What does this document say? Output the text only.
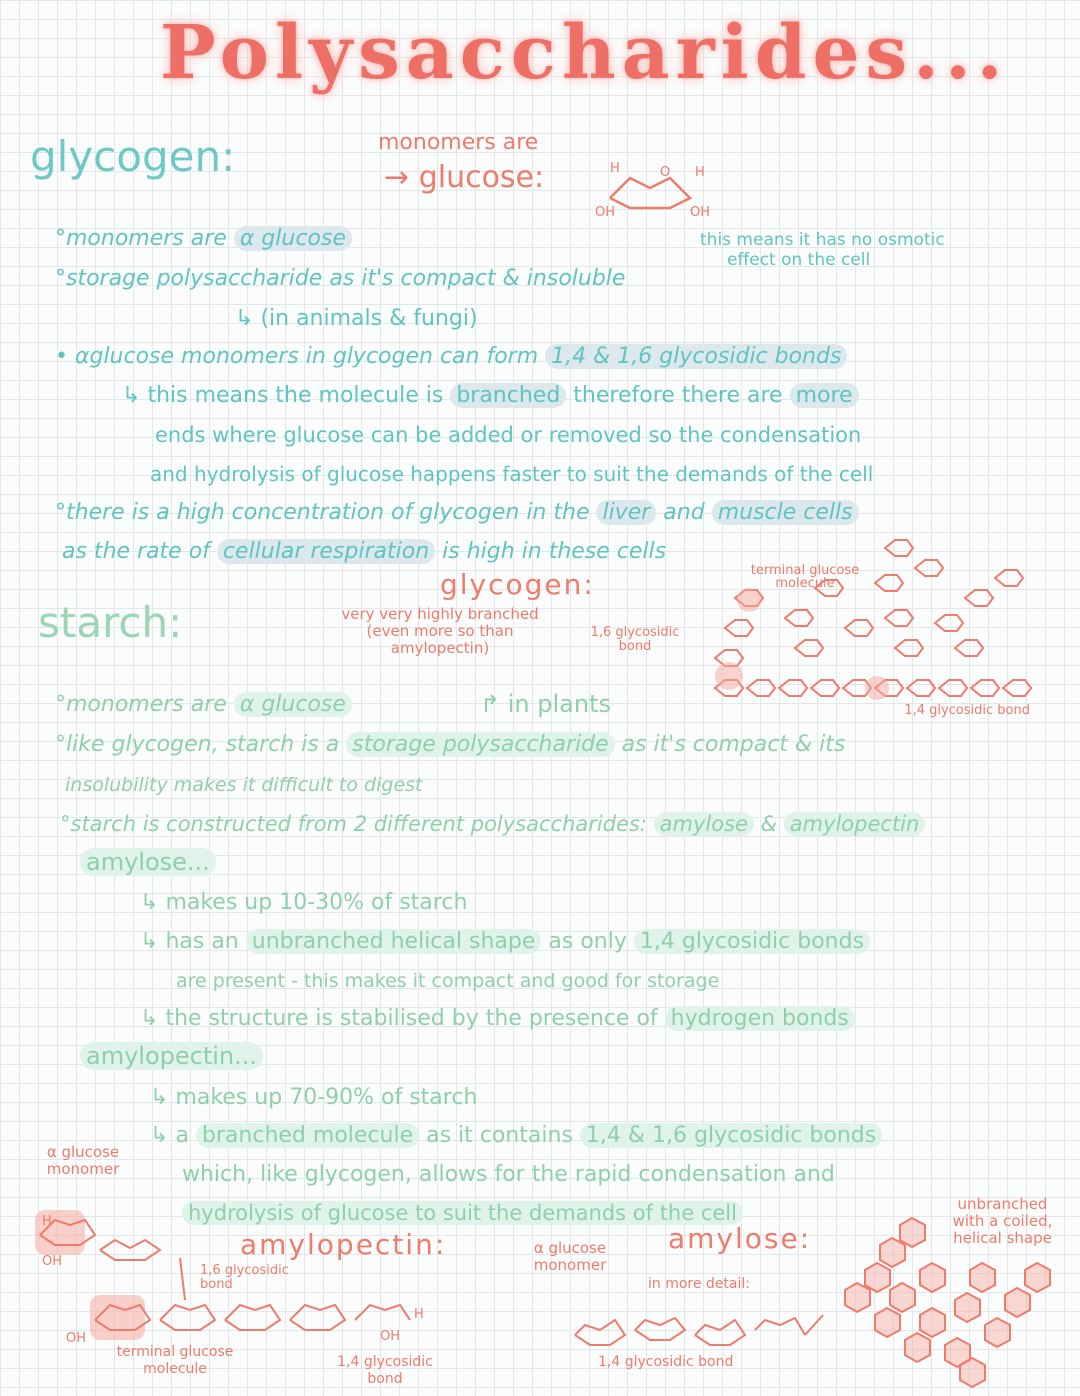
Polysaccharides...
glycogen:	monomers are
→ glucose:
OH	OH
H	H
O
°monomers are α glucose	this means it has no osmotic
effect on the cell
°storage polysaccharide as it's compact & insoluble
↳ (in animals & fungi)
• αglucose monomers in glycogen can form 1,4 & 1,6 glycosidic bonds
↳ this means the molecule is branched therefore there are more
ends where glucose can be added or removed so the condensation
and hydrolysis of glucose happens faster to suit the demands of the cell
°there is a high concentration of glycogen in the liver and muscle cells
as the rate of cellular respiration is high in these cells
glycogen:
very very highly branched (even more so than amylopectin)
1,6 glycosidic bond
terminal glucose molecule
1,4 glycosidic bond
starch:
°monomers are α glucose	↱ in plants
°like glycogen, starch is a storage polysaccharide as it's compact & its
insolubility makes it difficult to digest
°starch is constructed from 2 different polysaccharides: amylose & amylopectin
amylose...
↳ makes up 10-30% of starch
↳ has an unbranched helical shape as only 1,4 glycosidic bonds
are present - this makes it compact and good for storage
↳ the structure is stabilised by the presence of hydrogen bonds
amylopectin...
↳ makes up 70-90% of starch
↳ a branched molecule as it contains 1,4 & 1,6 glycosidic bonds
which, like glycogen, allows for the rapid condensation and
hydrolysis of glucose to suit the demands of the cell
amylopectin:
α glucose monomer
1,6 glycosidic bond
terminal glucose molecule	1,4 glycosidic bond
H
OH
OH
H
OH
amylose:
α glucose monomer
in more detail:
1,4 glycosidic bond
unbranched with a coiled, helical shape
